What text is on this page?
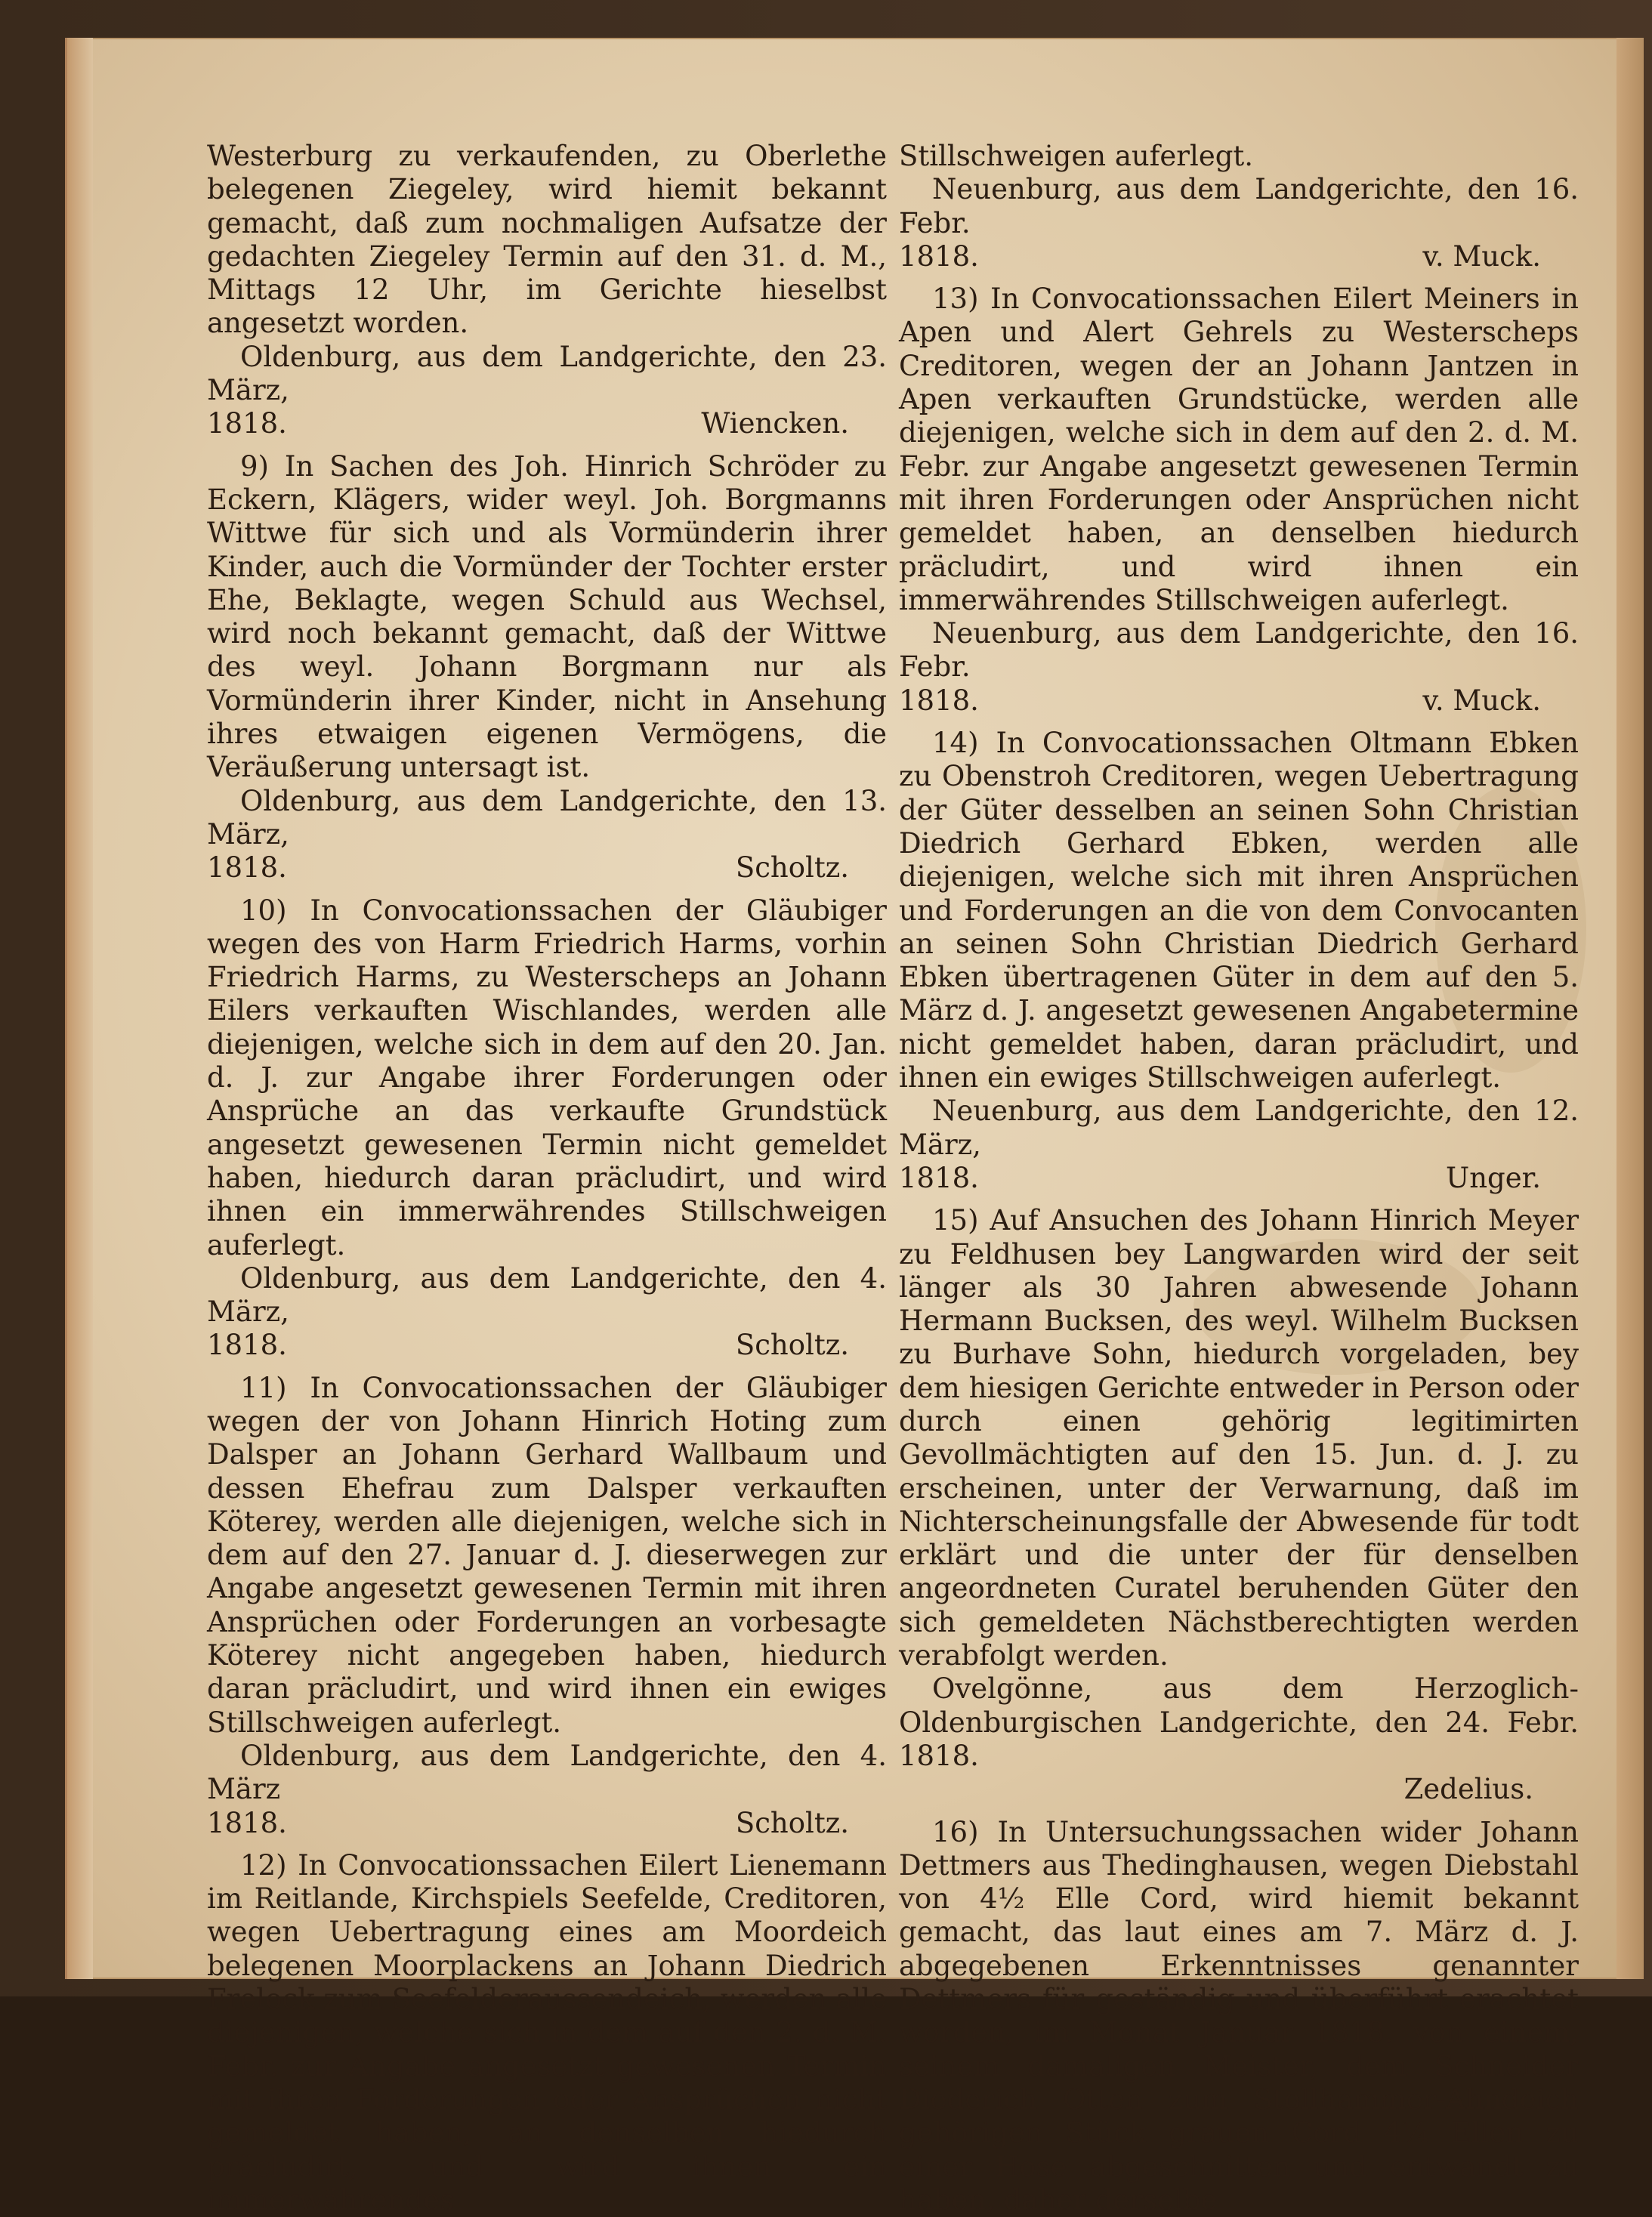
Westerburg zu verkaufenden, zu Oberlethe belegenen Ziegeley, wird hiemit bekannt gemacht, daß zum nochmaligen Aufsatze der gedachten Ziegeley Termin auf den 31. d. M., Mittags 12 Uhr, im Gerichte hieselbst angesetzt worden.

Oldenburg, aus dem Landgerichte, den 23. März,

1818.	Wiencken.

9) In Sachen des Joh. Hinrich Schröder zu Eckern, Klägers, wider weyl. Joh. Borgmanns Wittwe für sich und als Vormünderin ihrer Kinder, auch die Vormünder der Tochter erster Ehe, Beklagte, wegen Schuld aus Wechsel, wird noch bekannt gemacht, daß der Wittwe des weyl. Johann Borgmann nur als Vormünderin ihrer Kinder, nicht in Ansehung ihres etwaigen eigenen Vermögens, die Veräußerung untersagt ist.

Oldenburg, aus dem Landgerichte, den 13. März,

1818.	Scholtz.

10) In Convocationssachen der Gläubiger wegen des von Harm Friedrich Harms, vorhin Friedrich Harms, zu Westerscheps an Johann Eilers verkauften Wischlandes, werden alle diejenigen, welche sich in dem auf den 20. Jan. d. J. zur Angabe ihrer Forderungen oder Ansprüche an das verkaufte Grundstück angesetzt gewesenen Termin nicht gemeldet haben, hiedurch daran präcludirt, und wird ihnen ein immerwährendes Stillschweigen auferlegt.

Oldenburg, aus dem Landgerichte, den 4. März,

1818.	Scholtz.

11) In Convocationssachen der Gläubiger wegen der von Johann Hinrich Hoting zum Dalsper an Johann Gerhard Wallbaum und dessen Ehefrau zum Dalsper verkauften Köterey, werden alle diejenigen, welche sich in dem auf den 27. Januar d. J. dieserwegen zur Angabe angesetzt gewesenen Termin mit ihren Ansprüchen oder Forderungen an vorbesagte Köterey nicht angegeben haben, hiedurch daran präcludirt, und wird ihnen ein ewiges Stillschweigen auferlegt.

Oldenburg, aus dem Landgerichte, den 4. März

1818.	Scholtz.

12) In Convocationssachen Eilert Lienemann im Reitlande, Kirchspiels Seefelde, Creditoren, wegen Uebertragung eines am Moordeich belegenen Moorplackens an Johann Diedrich Frelock zum Seefelderaussendeich, werden alle diejenigen, welche sich in dem auf den 2. d. M. Febr. zur Angabe angesetzt gewesenen Termin mit ihren Forderungen oder Ansprüchen nicht gemeldet haben, an denselben hiedurch präcludirt, und wird ihnen ein immerwährendes

Stillschweigen auferlegt.

Neuenburg, aus dem Landgerichte, den 16. Febr.

1818.	v. Muck.

13) In Convocationssachen Eilert Meiners in Apen und Alert Gehrels zu Westerscheps Creditoren, wegen der an Johann Jantzen in Apen verkauften Grundstücke, werden alle diejenigen, welche sich in dem auf den 2. d. M. Febr. zur Angabe angesetzt gewesenen Termin mit ihren Forderungen oder Ansprüchen nicht gemeldet haben, an denselben hiedurch präcludirt, und wird ihnen ein immerwährendes Stillschweigen auferlegt.

Neuenburg, aus dem Landgerichte, den 16. Febr.

1818.	v. Muck.

14) In Convocationssachen Oltmann Ebken zu Obenstroh Creditoren, wegen Uebertragung der Güter desselben an seinen Sohn Christian Diedrich Gerhard Ebken, werden alle diejenigen, welche sich mit ihren Ansprüchen und Forderungen an die von dem Convocanten an seinen Sohn Christian Diedrich Gerhard Ebken übertragenen Güter in dem auf den 5. März d. J. angesetzt gewesenen Angabetermine nicht gemeldet haben, daran präcludirt, und ihnen ein ewiges Stillschweigen auferlegt.

Neuenburg, aus dem Landgerichte, den 12. März,

1818.	Unger.

15) Auf Ansuchen des Johann Hinrich Meyer zu Feldhusen bey Langwarden wird der seit länger als 30 Jahren abwesende Johann Hermann Bucksen, des weyl. Wilhelm Bucksen zu Burhave Sohn, hiedurch vorgeladen, bey dem hiesigen Gerichte entweder in Person oder durch einen gehörig legitimirten Gevollmächtigten auf den 15. Jun. d. J. zu erscheinen, unter der Verwarnung, daß im Nichterscheinungsfalle der Abwesende für todt erklärt und die unter der für denselben angeordneten Curatel beruhenden Güter den sich gemeldeten Nächstberechtigten werden verabfolgt werden.

Ovelgönne, aus dem Herzoglich-Oldenburgischen Landgerichte, den 24. Febr. 1818.

Zedelius.

16) In Untersuchungssachen wider Johann Dettmers aus Thedinghausen, wegen Diebstahl von 4½ Elle Cord, wird hiemit bekannt gemacht, das laut eines am 7. März d. J. abgegebenen Erkenntnisses genannter Dettmers für geständig und überführt erachtet worden, im Monat Januar 1818. von einem, seinem damaligen Meister, dem Schneider Diederich Otten zum Stollhammer-Ahndeich gehörigen Stück grauen Cord 4¼ Ellen zu einer Hose abgeschnitten und entwandt zu haben, daher derselbe
